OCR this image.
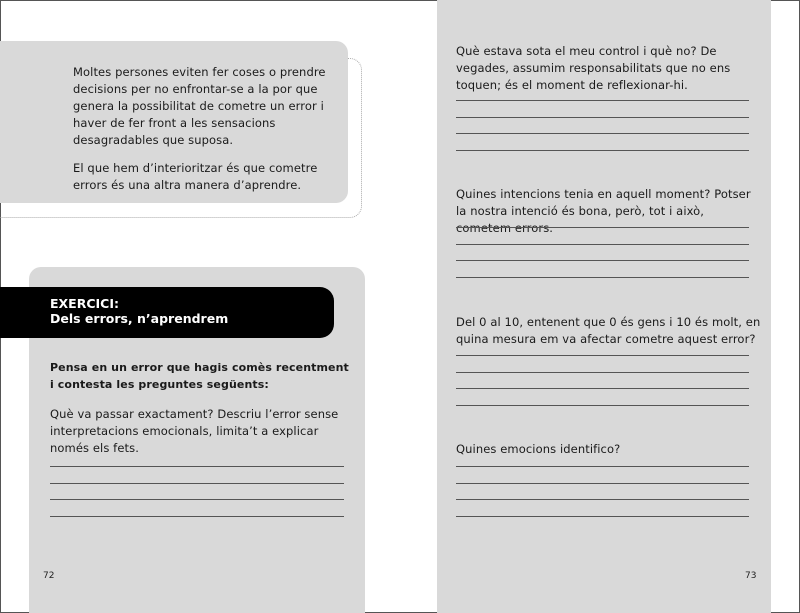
Moltes persones eviten fer coses o prendre decisions per no enfrontar-se a la por que genera la possibilitat de cometre un error i haver de fer front a les sensacions desagradables que suposa.
El que hem d’interioritzar és que cometre errors és una altra manera d’aprendre.
EXERCICI:
Dels errors, n’aprendrem
Pensa en un error que hagis comès recentment i contesta les preguntes següents:
Què va passar exactament? Descriu l’error sense interpretacions emocionals, limita’t a explicar només els fets.
72
Què estava sota el meu control i què no? De vegades, assumim responsabilitats que no ens toquen; és el moment de reflexionar-hi.
Quines intencions tenia en aquell moment? Potser la nostra intenció és bona, però, tot i això, cometem errors.
Del 0 al 10, entenent que 0 és gens i 10 és molt, en quina mesura em va afectar cometre aquest error?
Quines emocions identifico?
73
